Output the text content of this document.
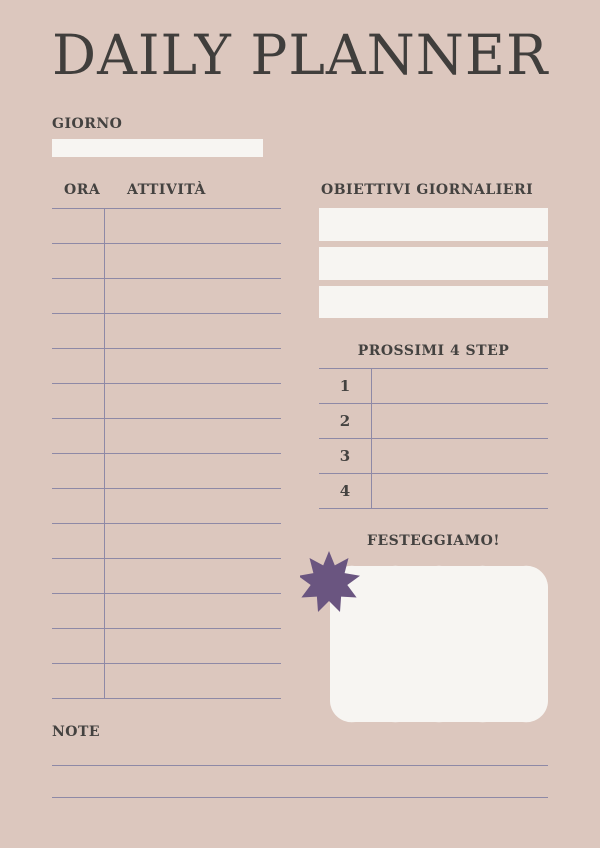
DAILY PLANNER
GIORNO
ORA ATTIVITÀ	OBIETTIVI GIORNALIERI
PROSSIMI 4 STEP
1
2
3
4
FESTEGGIAMO!
NOTE
